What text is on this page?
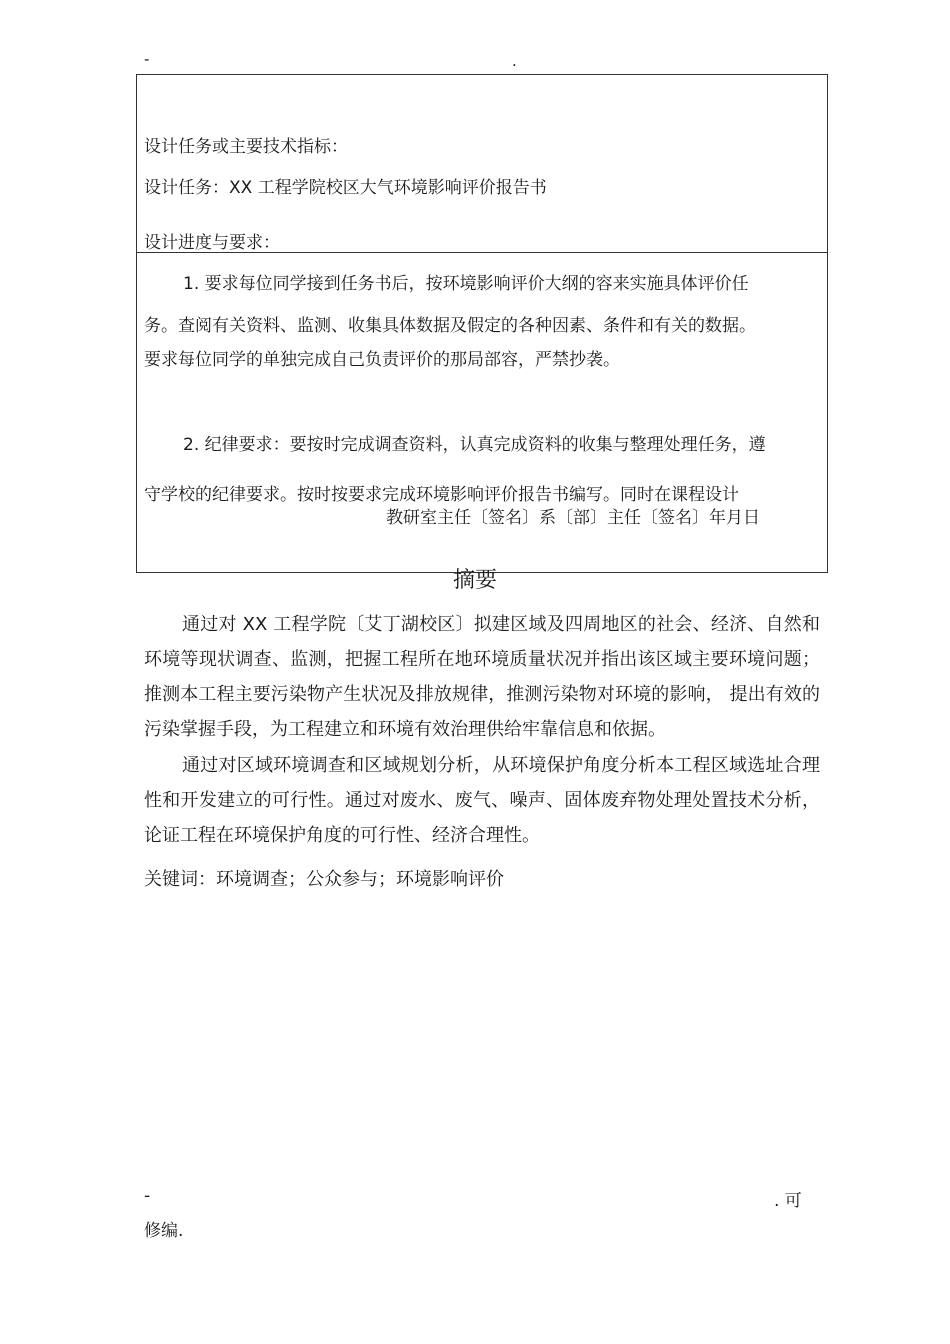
-	.
设计任务或主要技术指标：
设计任务：XX 工程学院校区大气环境影响评价报告书
设计进度与要求：
1. 要求每位同学接到任务书后，按环境影响评价大纲的容来实施具体评价任
务。查阅有关资料、监测、收集具体数据及假定的各种因素、条件和有关的数据。
要求每位同学的单独完成自己负责评价的那局部容，严禁抄袭。
2. 纪律要求：要按时完成调查资料，认真完成资料的收集与整理处理任务，遵
守学校的纪律要求。按时按要求完成环境影响评价报告书编写。同时在课程设计
教研室主任〔签名〕系〔部〕主任〔签名〕年月日
摘要
通过对 XX 工程学院〔艾丁湖校区〕拟建区域及四周地区的社会、经济、自然和环境等现状调查、监测，把握工程所在地环境质量状况并指出该区域主要环境问题；推测本工程主要污染物产生状况及排放规律，推测污染物对环境的影响， 提出有效的污染掌握手段，为工程建立和环境有效治理供给牢靠信息和依据。
通过对区域环境调查和区域规划分析，从环境保护角度分析本工程区域选址合理性和开发建立的可行性。通过对废水、废气、噪声、固体废弃物处理处置技术分析，论证工程在环境保护角度的可行性、经济合理性。
关键词：环境调查；公众参与；环境影响评价
-	. 可
修编.
